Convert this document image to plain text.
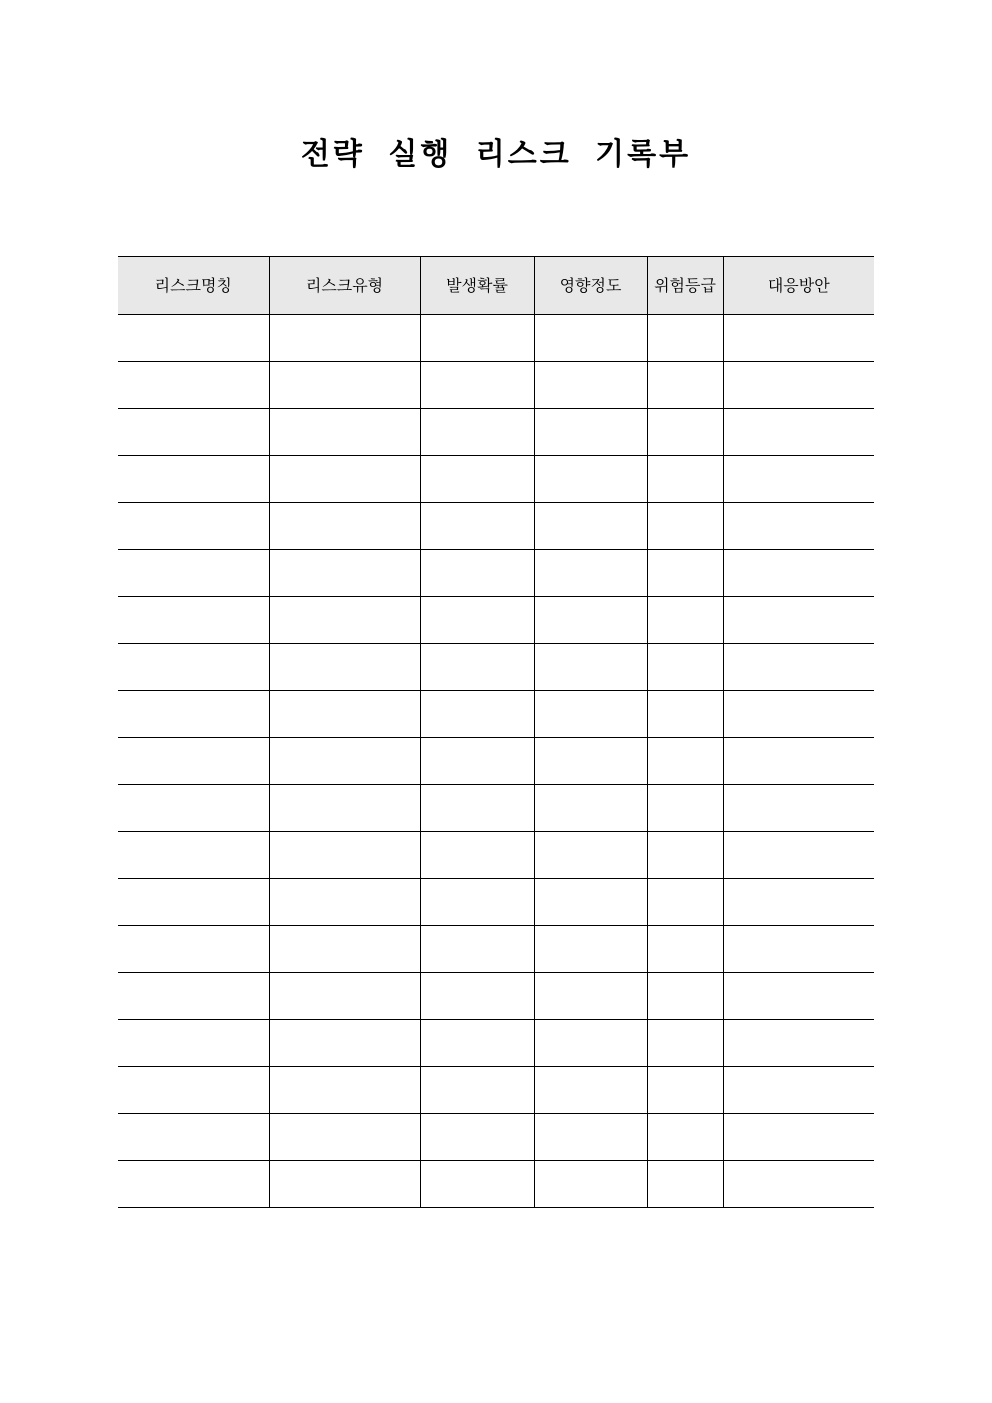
전략 실행 리스크 기록부
리스크명칭	리스크유형	발생확률	영향정도	위험등급	대응방안
